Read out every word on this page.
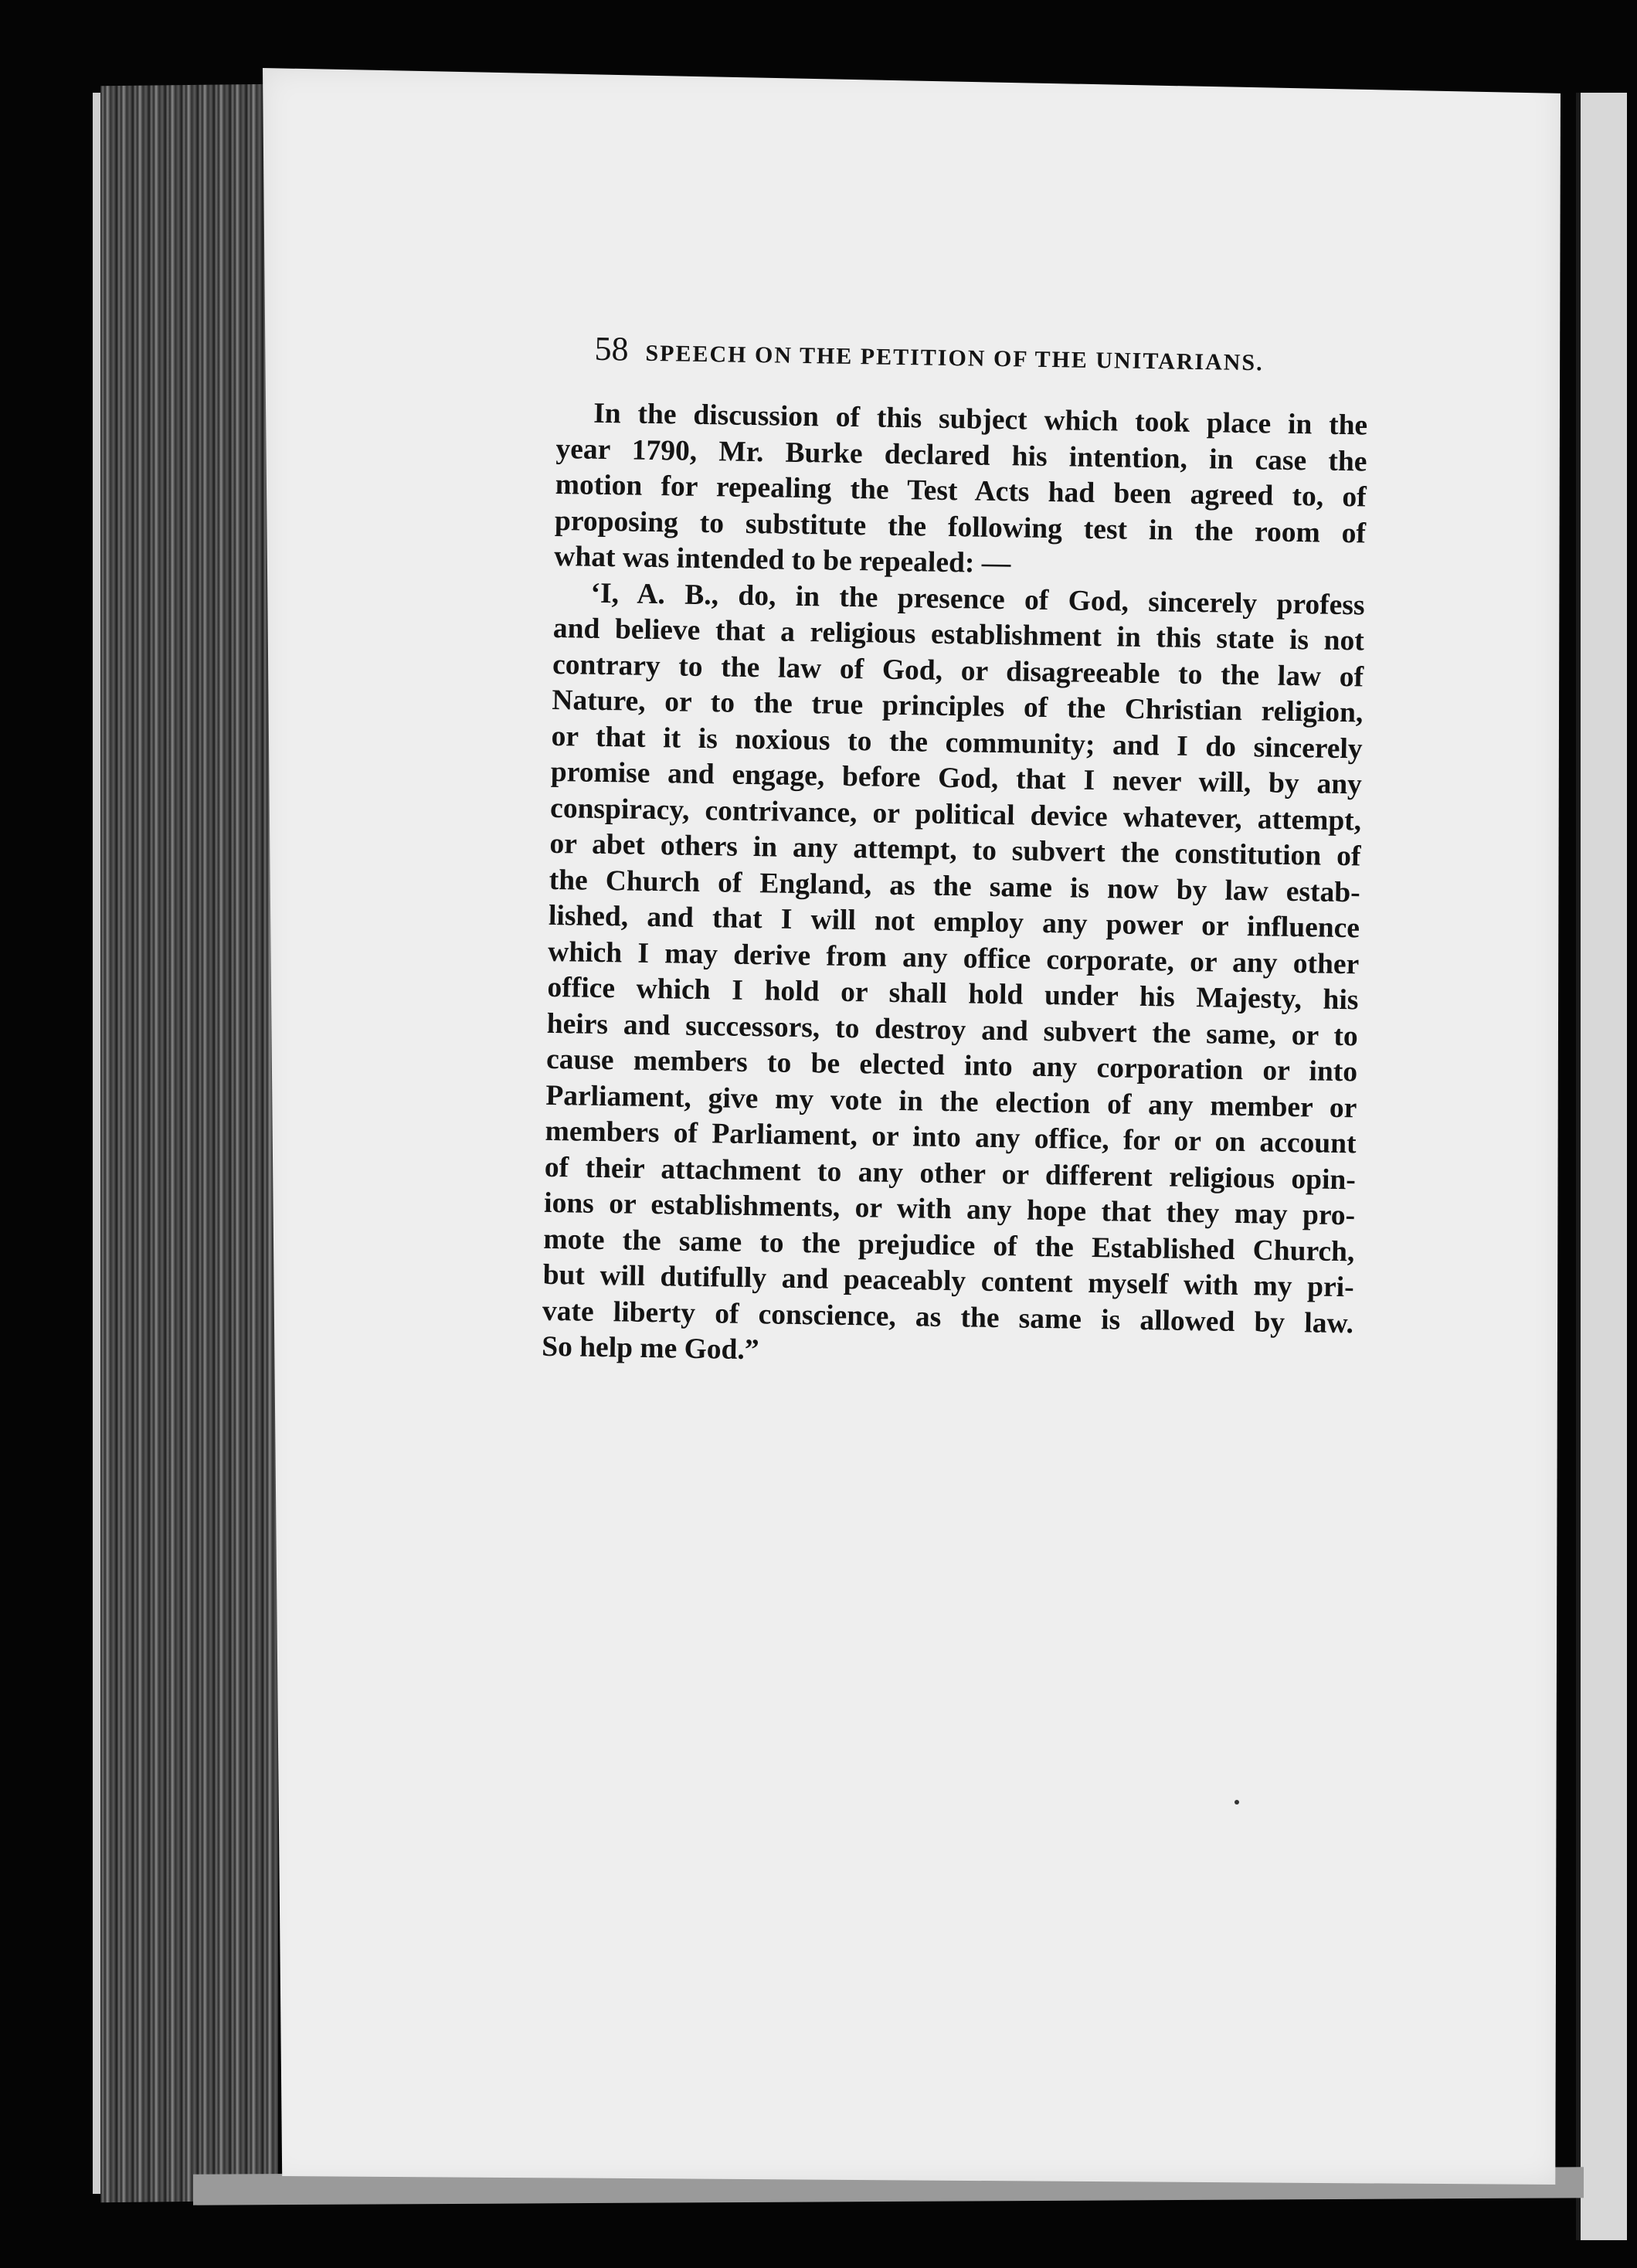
58 SPEECH ON THE PETITION OF THE UNITARIANS.
In the discussion of this subject which took place in the
year 1790, Mr. Burke declared his intention, in case the
motion for repealing the Test Acts had been agreed to, of
proposing to substitute the following test in the room of
what was intended to be repealed: —
‘I, A. B., do, in the presence of God, sincerely profess
and believe that a religious establishment in this state is not
contrary to the law of God, or disagreeable to the law of
Nature, or to the true principles of the Christian religion,
or that it is noxious to the community; and I do sincerely
promise and engage, before God, that I never will, by any
conspiracy, contrivance, or political device whatever, attempt,
or abet others in any attempt, to subvert the constitution of
the Church of England, as the same is now by law estab-
lished, and that I will not employ any power or influence
which I may derive from any office corporate, or any other
office which I hold or shall hold under his Majesty, his
heirs and successors, to destroy and subvert the same, or to
cause members to be elected into any corporation or into
Parliament, give my vote in the election of any member or
members of Parliament, or into any office, for or on account
of their attachment to any other or different religious opin-
ions or establishments, or with any hope that they may pro-
mote the same to the prejudice of the Established Church,
but will dutifully and peaceably content myself with my pri-
vate liberty of conscience, as the same is allowed by law.
So help me God.”
